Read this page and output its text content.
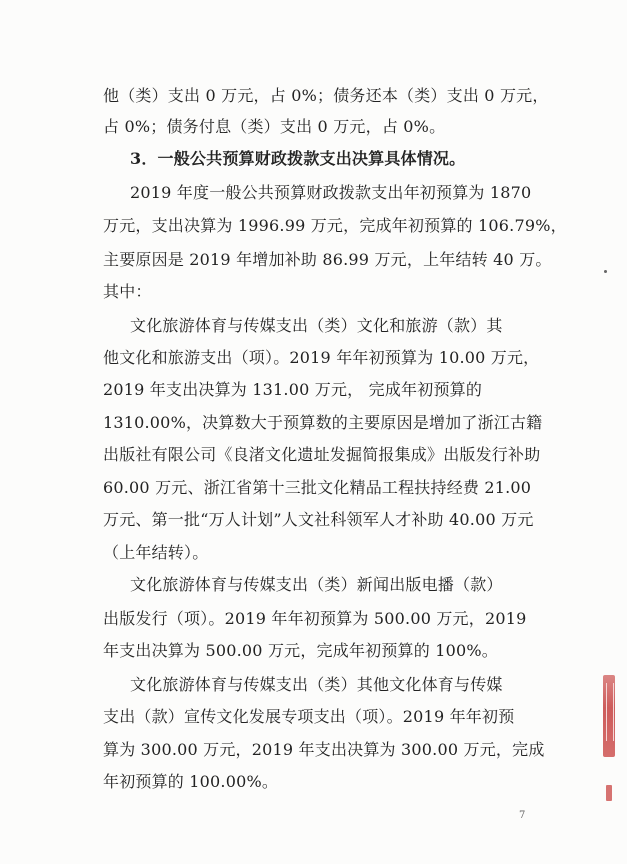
他（类）支出 0 万元，占 0%；债务还本（类）支出 0 万元，
占 0%；债务付息（类）支出 0 万元，占 0%。
3．一般公共预算财政拨款支出决算具体情况。
2019 年度一般公共预算财政拨款支出年初预算为 1870
万元，支出决算为 1996.99 万元，完成年初预算的 106.79%，
主要原因是 2019 年增加补助 86.99 万元，上年结转 40 万。
其中：
文化旅游体育与传媒支出（类）文化和旅游（款）其
他文化和旅游支出（项）。2019 年年初预算为 10.00 万元，
2019 年支出决算为 131.00 万元， 完成年初预算的
1310.00%，决算数大于预算数的主要原因是增加了浙江古籍
出版社有限公司《良渚文化遗址发掘简报集成》出版发行补助
60.00 万元、浙江省第十三批文化精品工程扶持经费 21.00
万元、第一批“万人计划”人文社科领军人才补助 40.00 万元
（上年结转）。
文化旅游体育与传媒支出（类）新闻出版电播（款）
出版发行（项）。2019 年年初预算为 500.00 万元，2019
年支出决算为 500.00 万元，完成年初预算的 100%。
文化旅游体育与传媒支出（类）其他文化体育与传媒
支出（款）宣传文化发展专项支出（项）。2019 年年初预
算为 300.00 万元，2019 年支出决算为 300.00 万元，完成
年初预算的 100.00%。
7
